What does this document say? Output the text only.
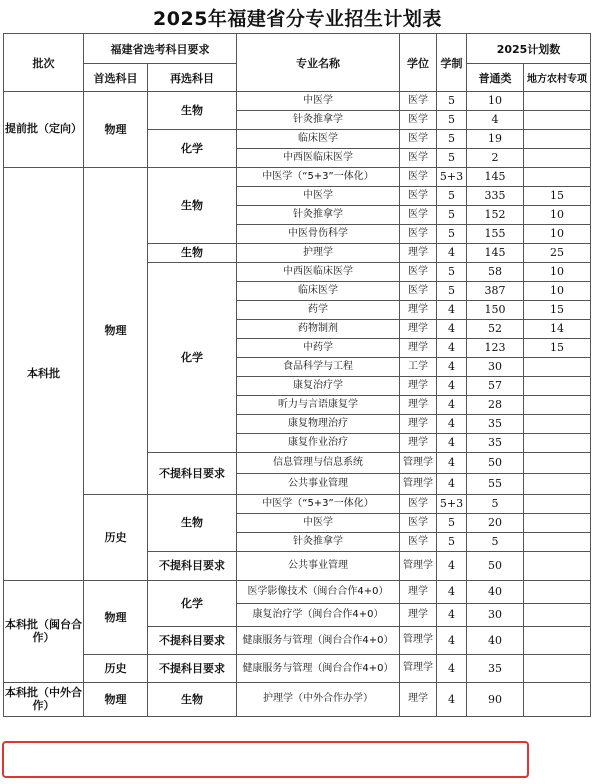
2025年福建省分专业招生计划表
批次	福建省选考科目要求		专业名称	学位	学制	2025计划数	
	首选科目	再选科目				普通类	地方农村专项
提前批（定向）	物理	生物	中医学	医学	5	10	
			针灸推拿学	医学	5	4	
		化学	临床医学	医学	5	19	
			中西医临床医学	医学	5	2	
本科批	物理	生物	中医学（“5+3”一体化）	医学	5+3	145	
			中医学	医学	5	335	15
			针灸推拿学	医学	5	152	10
			中医骨伤科学	医学	5	155	10
		生物	护理学	理学	4	145	25
		化学	中西医临床医学	医学	5	58	10
			临床医学	医学	5	387	10
			药学	理学	4	150	15
			药物制剂	理学	4	52	14
			中药学	理学	4	123	15
			食品科学与工程	工学	4	30	
			康复治疗学	理学	4	57	
			听力与言语康复学	理学	4	28	
			康复物理治疗	理学	4	35	
			康复作业治疗	理学	4	35	
		不提科目要求	信息管理与信息系统	管理学	4	50	
			公共事业管理	管理学	4	55	
	历史	生物	中医学（“5+3”一体化）	医学	5+3	5	
			中医学	医学	5	20	
			针灸推拿学	医学	5	5	
		不提科目要求	公共事业管理	管理学	4	50	
本科批（闽台合作）	物理	化学	医学影像技术（闽台合作4+0）	理学	4	40	
			康复治疗学（闽台合作4+0）	理学	4	30	
		不提科目要求	健康服务与管理（闽台合作4+0）	管理学	4	40	
	历史	不提科目要求	健康服务与管理（闽台合作4+0）	管理学	4	35	
本科批（中外合作）	物理	生物	护理学（中外合作办学）	理学	4	90	
